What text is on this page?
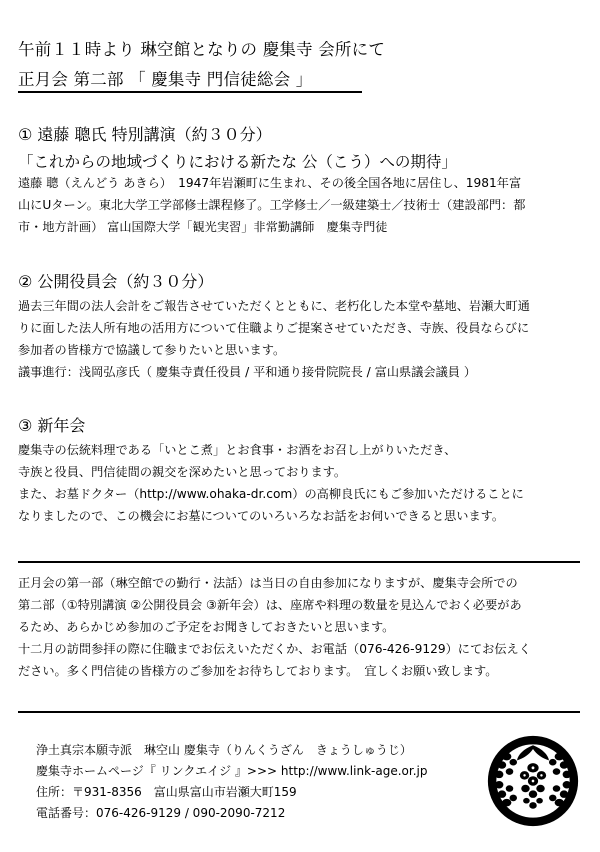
午前１１時より 琳空館となりの 慶集寺 会所にて
正月会 第二部 「 慶集寺 門信徒総会 」
① 遠藤 聰氏 特別講演（約３０分）
「これからの地域づくりにおける新たな 公（こう）への期待」
遠藤 聰（えんどう あきら）　1947年岩瀬町に生まれ、その後全国各地に居住し、1981年富
山にUターン。東北大学工学部修士課程修了。工学修士／一級建築士／技術士（建設部門：都
市・地方計画） 富山国際大学「観光実習」非常勤講師　慶集寺門徒
② 公開役員会（約３０分）
過去三年間の法人会計をご報告させていただくとともに、老朽化した本堂や墓地、岩瀬大町通
りに面した法人所有地の活用方について住職よりご提案させていただき、寺族、役員ならびに
参加者の皆様方で協議して参りたいと思います。
議事進行：浅岡弘彦氏（ 慶集寺責任役員 / 平和通り接骨院院長 / 富山県議会議員 ）
③ 新年会
慶集寺の伝統料理である「いとこ煮」とお食事・お酒をお召し上がりいただき、
寺族と役員、門信徒間の親交を深めたいと思っております。
また、お墓ドクター（http://www.ohaka-dr.com）の高柳良氏にもご参加いただけることに
なりましたので、この機会にお墓についてのいろいろなお話をお伺いできると思います。
正月会の第一部（琳空館での勤行・法話）は当日の自由参加になりますが、慶集寺会所での
第二部（①特別講演 ②公開役員会 ③新年会）は、座席や料理の数量を見込んでおく必要があ
るため、あらかじめ参加のご予定をお聞きしておきたいと思います。
十二月の訪問参拝の際に住職までお伝えいただくか、お電話（076-426-9129）にてお伝えく
ださい。多く門信徒の皆様方のご参加をお待ちしております。　宜しくお願い致します。
浄土真宗本願寺派　琳空山 慶集寺（りんくうざん　きょうしゅうじ）
慶集寺ホームページ『 リンクエイジ 』>>> http://www.link-age.or.jp
住所：〒931-8356　富山県富山市岩瀬大町159
電話番号：076-426-9129 / 090-2090-7212
